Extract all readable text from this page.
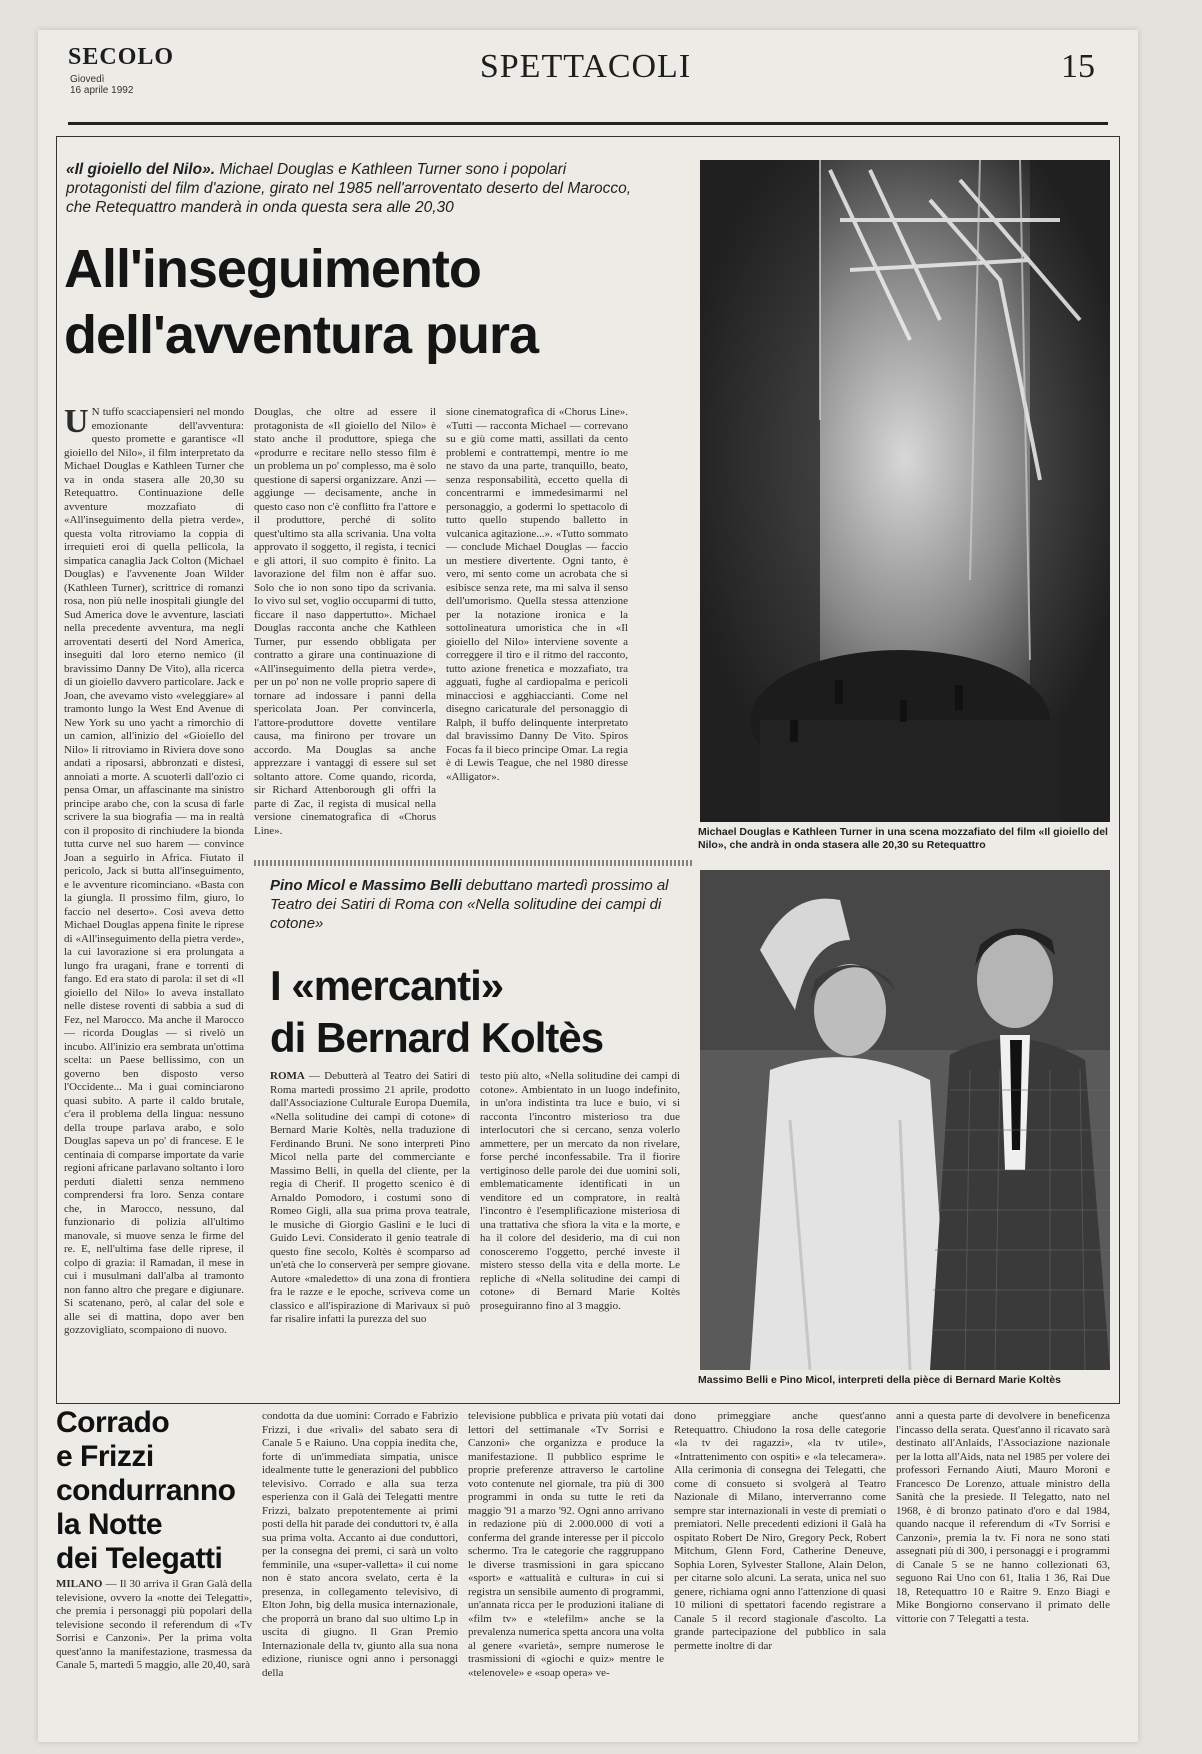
SECOLO
Giovedì
16 aprile 1992
SPETTACOLI	15
«Il gioiello del Nilo». Michael Douglas e Kathleen Turner sono i popolari protagonisti del film d'azione, girato nel 1985 nell'arroventato deserto del Marocco, che Retequattro manderà in onda questa sera alle 20,30
All'inseguimento
dell'avventura pura
U N tuffo scacciapensieri nel mondo emozionante dell'avventura: questo promette e garantisce «Il gioiello del Nilo», il film interpretato da Michael Douglas e Kathleen Turner che va in onda stasera alle 20,30 su Retequattro. Continuazione delle avventure mozzafiato di «All'inseguimento della pietra verde», questa volta ritroviamo la coppia di irrequieti eroi di quella pellicola, la simpatica canaglia Jack Colton (Michael Douglas) e l'avvenente Joan Wilder (Kathleen Turner), scrittrice di romanzi rosa, non più nelle inospitali giungle del Sud America dove le avventure, lasciati nella precedente avventura, ma negli arroventati deserti del Nord America, inseguiti dal loro eterno nemico (il bravissimo Danny De Vito), alla ricerca di un gioiello davvero particolare. Jack e Joan, che avevamo visto «veleggiare» al tramonto lungo la West End Avenue di New York su uno yacht a rimorchio di un camion, all'inizio del «Gioiello del Nilo» li ritroviamo in Riviera dove sono andati a riposarsi, abbronzati e distesi, annoiati a morte. A scuoterli dall'ozio ci pensa Omar, un affascinante ma sinistro principe arabo che, con la scusa di farle scrivere la sua biografia — ma in realtà con il proposito di rinchiudere la bionda tutta curve nel suo harem — convince Joan a seguirlo in Africa. Fiutato il pericolo, Jack si butta all'inseguimento, e le avventure ricominciano. «Basta con la giungla. Il prossimo film, giuro, lo faccio nel deserto». Così aveva detto Michael Douglas appena finite le riprese di «All'inseguimento della pietra verde», la cui lavorazione si era prolungata a lungo fra uragani, frane e torrenti di fango. Ed era stato di parola: il set di «Il gioiello del Nilo» lo aveva installato nelle distese roventi di sabbia a sud di Fez, nel Marocco. Ma anche il Marocco — ricorda Douglas — si rivelò un incubo. All'inizio era sembrata un'ottima scelta: un Paese bellissimo, con un governo ben disposto verso l'Occidente... Ma i guai cominciarono quasi subito. A parte il caldo brutale, c'era il problema della lingua: nessuno della troupe parlava arabo, e solo Douglas sapeva un po' di francese. E le centinaia di comparse importate da varie regioni africane parlavano soltanto i loro perduti dialetti senza nemmeno comprendersi fra loro. Senza contare che, in Marocco, nessuno, dal funzionario di polizia all'ultimo manovale, si muove senza le firme del re. E, nell'ultima fase delle riprese, il colpo di grazia: il Ramadan, il mese in cui i musulmani dall'alba al tramonto non fanno altro che pregare e digiunare. Si scatenano, però, al calar del sole e alle sei di mattina, dopo aver ben gozzovigliato, scompaiono di nuovo.
Douglas, che oltre ad essere il protagonista de «Il gioiello del Nilo» è stato anche il produttore, spiega che «produrre e recitare nello stesso film è un problema un po' complesso, ma è solo questione di sapersi organizzare. Anzi — aggiunge — decisamente, anche in questo caso non c'è conflitto fra l'attore e il produttore, perché di solito quest'ultimo sta alla scrivania. Una volta approvato il soggetto, il regista, i tecnici e gli attori, il suo compito è finito. La lavorazione del film non è affar suo. Solo che io non sono tipo da scrivania. Io vivo sul set, voglio occuparmi di tutto, ficcare il naso dappertutto». Michael Douglas racconta anche che Kathleen Turner, pur essendo obbligata per contratto a girare una continuazione di «All'inseguimento della pietra verde», per un po' non ne volle proprio sapere di tornare ad indossare i panni della spericolata Joan. Per convincerla, l'attore-produttore dovette ventilare causa, ma finirono per trovare un accordo. Ma Douglas sa anche apprezzare i vantaggi di essere sul set soltanto attore. Come quando, ricorda, sir Richard Attenborough gli offrì la parte di Zac, il regista di musical nella versione cinematografica di «Chorus Line».
sione cinematografica di «Chorus Line». «Tutti — racconta Michael — correvano su e giù come matti, assillati da cento problemi e contrattempi, mentre io me ne stavo da una parte, tranquillo, beato, senza responsabilità, eccetto quella di concentrarmi e immedesimarmi nel personaggio, a godermi lo spettacolo di tutto quello stupendo balletto in vulcanica agitazione...». «Tutto sommato — conclude Michael Douglas — faccio un mestiere divertente. Ogni tanto, è vero, mi sento come un acrobata che si esibisce senza rete, ma mi salva il senso dell'umorismo. Quella stessa attenzione per la notazione ironica e la sottolineatura umoristica che in «Il gioiello del Nilo» interviene sovente a correggere il tiro e il ritmo del racconto, tutto azione frenetica e mozzafiato, tra agguati, fughe al cardiopalma e pericoli minacciosi e agghiaccianti. Come nel disegno caricaturale del personaggio di Ralph, il buffo delinquente interpretato dal bravissimo Danny De Vito. Spiros Focas fa il bieco principe Omar. La regia è di Lewis Teague, che nel 1980 diresse «Alligator».
Michael Douglas e Kathleen Turner in una scena mozzafiato del film «Il gioiello del Nilo», che andrà in onda stasera alle 20,30 su Retequattro
Pino Micol e Massimo Belli debuttano martedì prossimo al Teatro dei Satiri di Roma con «Nella solitudine dei campi di cotone»
I «mercanti»
di Bernard Koltès
ROMA — Debutterà al Teatro dei Satiri di Roma martedì prossimo 21 aprile, prodotto dall'Associazione Culturale Europa Duemila, «Nella solitudine dei campi di cotone» di Bernard Marie Koltès, nella traduzione di Ferdinando Bruni. Ne sono interpreti Pino Micol nella parte del commerciante e Massimo Belli, in quella del cliente, per la regia di Cherif. Il progetto scenico è di Arnaldo Pomodoro, i costumi sono di Romeo Gigli, alla sua prima prova teatrale, le musiche di Giorgio Gaslini e le luci di Guido Levi. Considerato il genio teatrale di questo fine secolo, Koltès è scomparso ad un'età che lo conserverà per sempre giovane. Autore «maledetto» di una zona di frontiera fra le razze e le epoche, scriveva come un classico e all'ispirazione di Marivaux si può far risalire infatti la purezza del suo
testo più alto, «Nella solitudine dei campi di cotone». Ambientato in un luogo indefinito, in un'ora indistinta tra luce e buio, vi si racconta l'incontro misterioso tra due interlocutori che si cercano, senza volerlo ammettere, per un mercato da non rivelare, forse perché inconfessabile. Tra il fiorire vertiginoso delle parole dei due uomini soli, emblematicamente identificati in un venditore ed un compratore, in realtà l'incontro è l'esemplificazione misteriosa di una trattativa che sfiora la vita e la morte, e ha il colore del desiderio, ma di cui non conosceremo l'oggetto, perché investe il mistero stesso della vita e della morte. Le repliche di «Nella solitudine dei campi di cotone» di Bernard Marie Koltès proseguiranno fino al 3 maggio.
Massimo Belli e Pino Micol, interpreti della pièce di Bernard Marie Koltès
Corrado
e Frizzi
condurranno
la Notte
dei Telegatti
MILANO — Il 30 arriva il Gran Galà della televisione, ovvero la «notte dei Telegatti», che premia i personaggi più popolari della televisione secondo il referendum di «Tv Sorrisi e Canzoni». Per la prima volta quest'anno la manifestazione, trasmessa da Canale 5, martedì 5 maggio, alle 20,40, sarà
condotta da due uomini: Corrado e Fabrizio Frizzi, i due «rivali» del sabato sera di Canale 5 e Raiuno. Una coppia inedita che, forte di un'immediata simpatia, unisce idealmente tutte le generazioni del pubblico televisivo. Corrado e alla sua terza esperienza con il Galà dei Telegatti mentre Frizzi, balzato prepotentemente ai primi posti della hit parade dei conduttori tv, è alla sua prima volta. Accanto ai due conduttori, per la consegna dei premi, ci sarà un volto femminile, una «super-valletta» il cui nome non è stato ancora svelato, certa è la presenza, in collegamento televisivo, di Elton John, big della musica internazionale, che proporrà un brano dal suo ultimo Lp in uscita di giugno. Il Gran Premio Internazionale della tv, giunto alla sua nona edizione, riunisce ogni anno i personaggi della
televisione pubblica e privata più votati dai lettori del settimanale «Tv Sorrisi e Canzoni» che organizza e produce la manifestazione. Il pubblico esprime le proprie preferenze attraverso le cartoline voto contenute nel giornale, tra più di 300 programmi in onda su tutte le reti da maggio '91 a marzo '92. Ogni anno arrivano in redazione più di 2.000.000 di voti a conferma del grande interesse per il piccolo schermo. Tra le categorie che raggruppano le diverse trasmissioni in gara spiccano «sport» e «attualità e cultura» in cui si registra un sensibile aumento di programmi, un'annata ricca per le produzioni italiane di «film tv» e «telefilm» anche se la prevalenza numerica spetta ancora una volta al genere «varietà», sempre numerose le trasmissioni di «giochi e quiz» mentre le «telenovele» e «soap opera» ve-
dono primeggiare anche quest'anno Retequattro. Chiudono la rosa delle categorie «la tv dei ragazzi», «la tv utile», «Intrattenimento con ospiti» e «la telecamera». Alla cerimonia di consegna dei Telegatti, che come di consueto si svolgerà al Teatro Nazionale di Milano, interverranno come sempre star internazionali in veste di premiati o premiatori. Nelle precedenti edizioni il Galà ha ospitato Robert De Niro, Gregory Peck, Robert Mitchum, Glenn Ford, Catherine Deneuve, Sophia Loren, Sylvester Stallone, Alain Delon, per citarne solo alcuni. La serata, unica nel suo genere, richiama ogni anno l'attenzione di quasi 10 milioni di spettatori facendo registrare a Canale 5 il record stagionale d'ascolto. La grande partecipazione del pubblico in sala permette inoltre di dar
anni a questa parte di devolvere in beneficenza l'incasso della serata. Quest'anno il ricavato sarà destinato all'Anlaids, l'Associazione nazionale per la lotta all'Aids, nata nel 1985 per volere dei professori Fernando Aiuti, Mauro Moroni e Francesco De Lorenzo, attuale ministro della Sanità che la presiede. Il Telegatto, nato nel 1968, è di bronzo patinato d'oro e dal 1984, quando nacque il referendum di «Tv Sorrisi e Canzoni», premia la tv. Fi nora ne sono stati assegnati più di 300, i personaggi e i programmi di Canale 5 se ne hanno collezionati 63, seguono Rai Uno con 61, Italia 1 36, Rai Due 18, Retequattro 10 e Raitre 9. Enzo Biagi e Mike Bongiorno conservano il primato delle vittorie con 7 Telegatti a testa.
